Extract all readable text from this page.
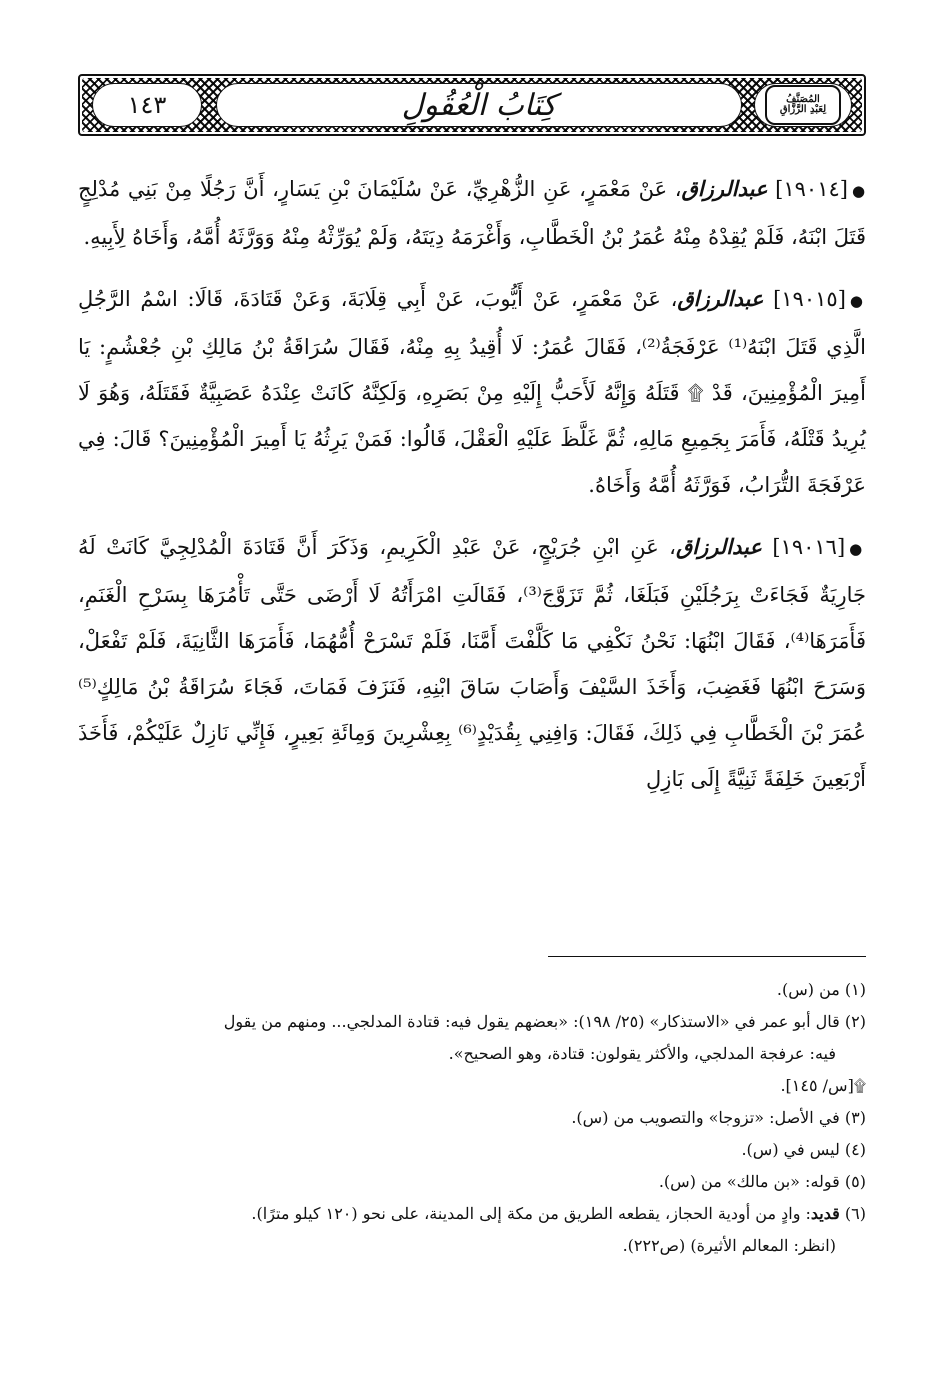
١٤٣	كِتَابُ الْعُقُولِ	المُصَنَّفُ
لِعَبْدِ الرَّزَّاقِ

●[١٩٠١٤] عبدالرزاق، عَنْ مَعْمَرٍ، عَنِ الزُّهْرِيِّ، عَنْ سُلَيْمَانَ بْنِ يَسَارٍ، أَنَّ رَجُلًا مِنْ بَنِي مُدْلِجٍ قَتَلَ ابْنَهُ، فَلَمْ يُقِدْهُ مِنْهُ عُمَرُ بْنُ الْخَطَّابِ، وَأَغْرَمَهُ دِيَتَهُ، وَلَمْ يُوَرِّثْهُ مِنْهُ وَوَرَّثَهُ أُمَّهُ، وَأَخَاهُ لِأَبِيهِ.

●[١٩٠١٥] عبدالرزاق، عَنْ مَعْمَرٍ، عَنْ أَيُّوبَ، عَنْ أَبِي قِلَابَةَ، وَعَنْ قَتَادَةَ، قَالَا: اسْمُ الرَّجُلِ الَّذِي قَتَلَ ابْنَهُ⁽¹⁾ عَرْفَجَةُ⁽²⁾، فَقَالَ عُمَرُ: لَا أُقِيدُ بِهِ مِنْهُ، فَقَالَ سُرَاقَةُ بْنُ مَالِكِ بْنِ جُعْشُمٍ: يَا أَمِيرَ الْمُؤْمِنِينَ، قَدْ ۩ قَتَلَهُ وَإِنَّهُ لَأَحَبُّ إِلَيْهِ مِنْ بَصَرِهِ، وَلَكِنَّهُ كَانَتْ عِنْدَهُ عَصَبِيَّةٌ فَقَتَلَهُ، وَهُوَ لَا يُرِيدُ قَتْلَهُ، فَأَمَرَ بِجَمِيعِ مَالِهِ، ثُمَّ غَلَّظَ عَلَيْهِ الْعَقْلَ، قَالُوا: فَمَنْ يَرِثُهُ يَا أَمِيرَ الْمُؤْمِنِينَ؟ قَالَ: فِي عَرْفَجَةَ التُّرَابُ، فَوَرَّثَهُ أُمَّهُ وَأَخَاهُ.

●[١٩٠١٦] عبدالرزاق، عَنِ ابْنِ جُرَيْجٍ، عَنْ عَبْدِ الْكَرِيمِ، وَذَكَرَ أَنَّ قَتَادَةَ الْمُدْلِجِيَّ كَانَتْ لَهُ جَارِيَةٌ فَجَاءَتْ بِرَجُلَيْنِ فَبَلَغَا، ثُمَّ تَزَوَّجَ⁽³⁾، فَقَالَتِ امْرَأَتُهُ لَا أَرْضَى حَتَّى تَأْمُرَهَا بِسَرْحِ الْغَنَمِ، فَأَمَرَهَا⁽⁴⁾، فَقَالَ ابْنُهَا: نَحْنُ نَكْفِي مَا كَلَّفْتَ أَمَّنَا، فَلَمْ تَسْرَحْ أُمُّهُمَا، فَأَمَرَهَا الثَّانِيَةَ، فَلَمْ تَفْعَلْ، وَسَرَحَ ابْنُهَا فَغَضِبَ، وَأَخَذَ السَّيْفَ وَأَصَابَ سَاقَ ابْنِهِ، فَنَزَفَ فَمَاتَ، فَجَاءَ سُرَاقَةُ بْنُ مَالِكٍ⁽⁵⁾ عُمَرَ بْنَ الْخَطَّابِ فِي ذَلِكَ، فَقَالَ: وَافِنِي بِقُدَيْدٍ⁽⁶⁾ بِعِشْرِينَ وَمِائَةِ بَعِيرٍ، فَإِنِّي نَازِلٌ عَلَيْكُمْ، فَأَخَذَ أَرْبَعِينَ خَلِفَةً ثَنِيَّةً إِلَى بَازِلِ

(١) من (س).

(٢) قال أبو عمر في «الاستذكار» (٢٥/ ١٩٨): «بعضهم يقول فيه: قتادة المدلجي... ومنهم من يقول

فيه: عرفجة المدلجي، والأكثر يقولون: قتادة، وهو الصحيح».

۩[س/ ١٤٥].

(٣) في الأصل: «تزوجا» والتصويب من (س).

(٤) ليس في (س).

(٥) قوله: «بن مالك» من (س).

(٦) قديد: وادٍ من أودية الحجاز، يقطعه الطريق من مكة إلى المدينة، على نحو (١٢٠ كيلو مترًا).

(انظر: المعالم الأثيرة) (ص٢٢٢).
